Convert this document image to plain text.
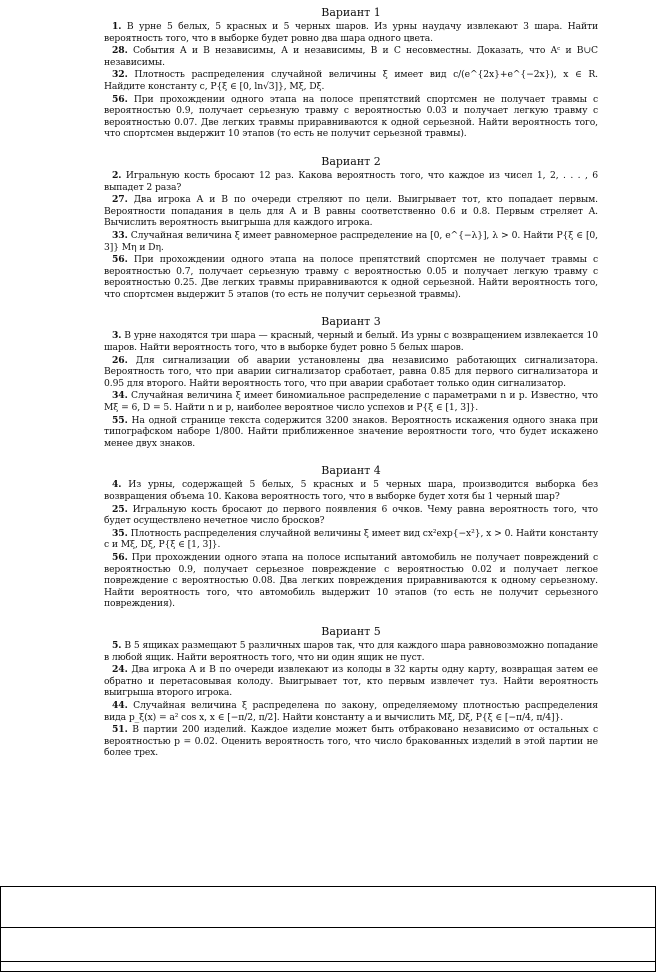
Вариант 1

1. В урне 5 белых, 5 красных и 5 черных шаров. Из урны наудачу извлекают 3 шара. Найти вероятность того, что в выборке будет ровно два шара одного цвета.

28. События A и B независимы, A и независимы, B и C несовместны. Доказать, что Aᶜ и B∪C независимы.

32. Плотность распределения случайной величины ξ имеет вид c/(e^{2x}+e^{−2x}), x ∈ R. Найдите константу c, P{ξ ∈ [0, ln√3]}, Mξ, Dξ.

56. При прохождении одного этапа на полосе препятствий спортсмен не получает травмы с вероятностью 0.9, получает серьезную травму с вероятностью 0.03 и получает легкую травму с вероятностью 0.07. Две легких травмы приравниваются к одной серьезной. Найти вероятность того, что спортсмен выдержит 10 этапов (то есть не получит серьезной травмы).

Вариант 2

2. Игральную кость бросают 12 раз. Какова вероятность того, что каждое из чисел 1, 2, . . . , 6 выпадет 2 раза?

27. Два игрока A и B по очереди стреляют по цели. Выигрывает тот, кто попадает первым. Вероятности попадания в цель для A и B равны соответственно 0.6 и 0.8. Первым стреляет A. Вычислить вероятность выигрыша для каждого игрока.

33. Случайная величина ξ имеет равномерное распределение на [0, e^{−λ}], λ > 0. Найти P{ξ ∈ [0, 3]} Mη и Dη.

56. При прохождении одного этапа на полосе препятствий спортсмен не получает травмы с вероятностью 0.7, получает серьезную травму с вероятностью 0.05 и получает легкую травму с вероятностью 0.25. Две легких травмы приравниваются к одной серьезной. Найти вероятность того, что спортсмен выдержит 5 этапов (то есть не получит серьезной травмы).

Вариант 3

3. В урне находятся три шара — красный, черный и белый. Из урны с возвращением извлекается 10 шаров. Найти вероятность того, что в выборке будет ровно 5 белых шаров.

26. Для сигнализации об аварии установлены два независимо работающих сигнализатора. Вероятность того, что при аварии сигнализатор сработает, равна 0.85 для первого сигнализатора и 0.95 для второго. Найти вероятность того, что при аварии сработает только один сигнализатор.

34. Случайная величина ξ имеет биномиальное распределение с параметрами n и p. Известно, что Mξ = 6, D = 5. Найти n и p, наиболее вероятное число успехов и P{ξ ∈ [1, 3]}.

55. На одной странице текста содержится 3200 знаков. Вероятность искажения одного знака при типографском наборе 1/800. Найти приближенное значение вероятности того, что будет искажено менее двух знаков.

Вариант 4

4. Из урны, содержащей 5 белых, 5 красных и 5 черных шара, производится выборка без возвращения объема 10. Какова вероятность того, что в выборке будет хотя бы 1 черный шар?

25. Игральную кость бросают до первого появления 6 очков. Чему равна вероятность того, что будет осуществлено нечетное число бросков?

35. Плотность распределения случайной величины ξ имеет вид cx²exp{−x²}, x > 0. Найти константу c и Mξ, Dξ, P{ξ ∈ [1, 3]}.

56. При прохождении одного этапа на полосе испытаний автомобиль не получает повреждений с вероятностью 0.9, получает серьезное повреждение с вероятностью 0.02 и получает легкое повреждение с вероятностью 0.08. Два легких повреждения приравниваются к одному серьезному. Найти вероятность того, что автомобиль выдержит 10 этапов (то есть не получит серьезного повреждения).

Вариант 5

5. В 5 ящиках размещают 5 различных шаров так, что для каждого шара равновозможно попадание в любой ящик. Найти вероятность того, что ни один ящик не пуст.

24. Два игрока A и B по очереди извлекают из колоды в 32 карты одну карту, возвращая затем ее обратно и перетасовывая колоду. Выигрывает тот, кто первым извлечет туз. Найти вероятность выигрыша второго игрока.

44. Случайная величина ξ распределена по закону, определяемому плотностью распределения вида p_ξ(x) = a² cos x, x ∈ [−π/2, π/2]. Найти константу a и вычислить Mξ, Dξ, P{ξ ∈ [−π/4, π/4]}.

51. В партии 200 изделий. Каждое изделие может быть отбраковано независимо от остальных с вероятностью p = 0.02. Оценить вероятность того, что число бракованных изделий в этой партии не более трех.
